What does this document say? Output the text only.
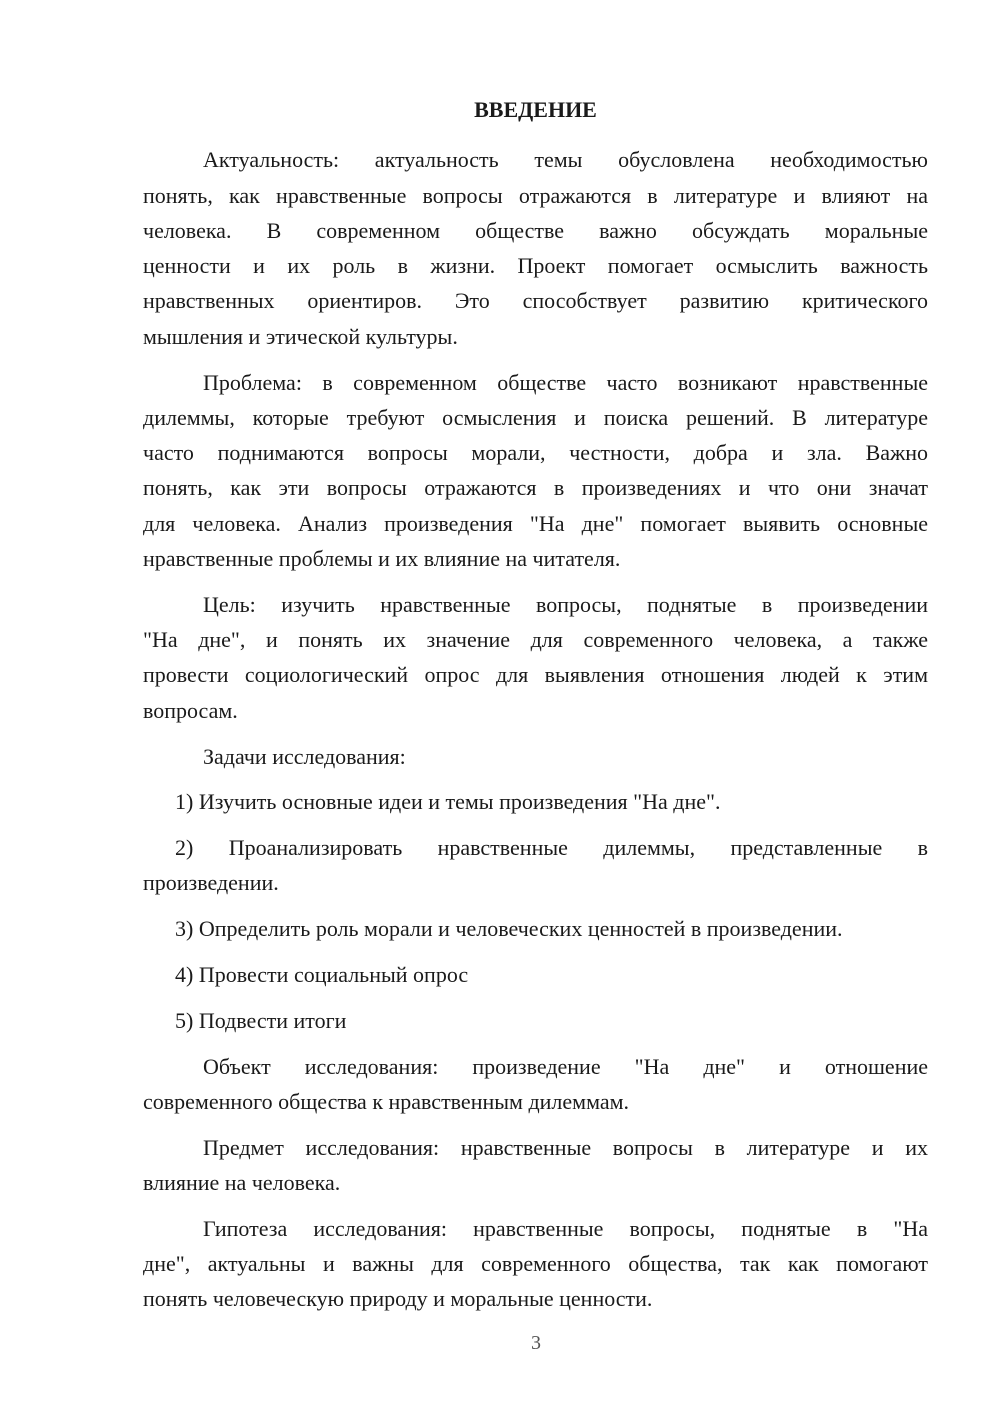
ВВЕДЕНИЕ
Актуальность: актуальность темы обусловлена необходимостью
понять, как нравственные вопросы отражаются в литературе и влияют на
человека. В современном обществе важно обсуждать моральные
ценности и их роль в жизни. Проект помогает осмыслить важность
нравственных ориентиров. Это способствует развитию критического
мышления и этической культуры.
Проблема: в современном обществе часто возникают нравственные
дилеммы, которые требуют осмысления и поиска решений. В литературе
часто поднимаются вопросы морали, честности, добра и зла. Важно
понять, как эти вопросы отражаются в произведениях и что они значат
для человека. Анализ произведения "На дне" помогает выявить основные
нравственные проблемы и их влияние на читателя.
Цель: изучить нравственные вопросы, поднятые в произведении
"На дне", и понять их значение для современного человека, а также
провести социологический опрос для выявления отношения людей к этим
вопросам.
Задачи исследования:
1) Изучить основные идеи и темы произведения "На дне".
2) Проанализировать нравственные дилеммы, представленные в
произведении.
3) Определить роль морали и человеческих ценностей в произведении.
4) Провести социальный опрос
5) Подвести итоги
Объект исследования: произведение "На дне" и отношение
современного общества к нравственным дилеммам.
Предмет исследования: нравственные вопросы в литературе и их
влияние на человека.
Гипотеза исследования: нравственные вопросы, поднятые в "На
дне", актуальны и важны для современного общества, так как помогают
понять человеческую природу и моральные ценности.
3
